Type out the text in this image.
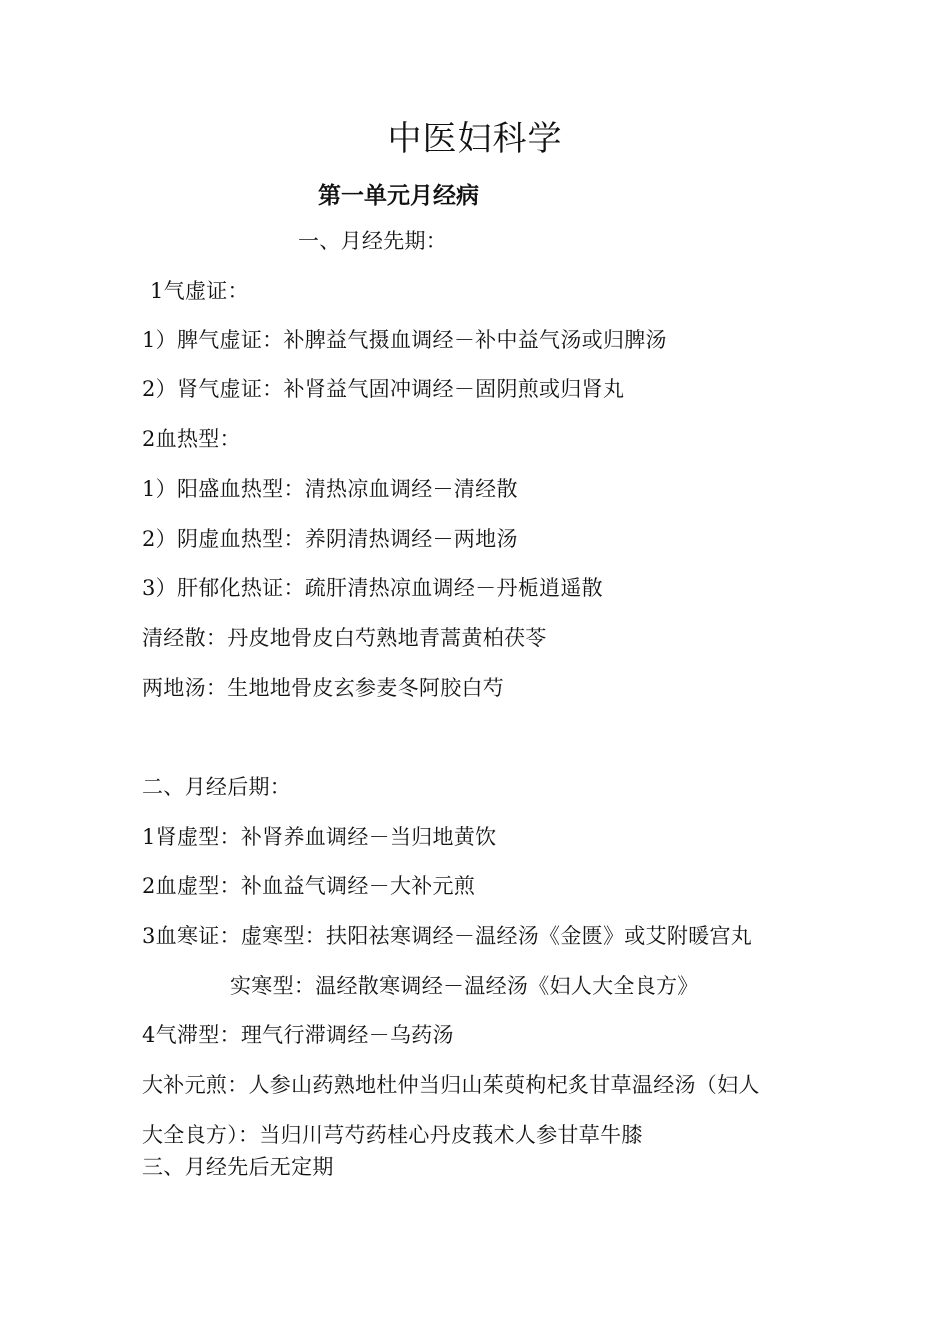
中医妇科学
第一单元月经病
一、月经先期：
1气虚证：
1）脾气虚证：补脾益气摄血调经－补中益气汤或归脾汤
2）肾气虚证：补肾益气固冲调经－固阴煎或归肾丸
2血热型：
1）阳盛血热型：清热凉血调经－清经散
2）阴虚血热型：养阴清热调经－两地汤
3）肝郁化热证：疏肝清热凉血调经－丹栀逍遥散
清经散：丹皮地骨皮白芍熟地青蒿黄柏茯苓
两地汤：生地地骨皮玄参麦冬阿胶白芍
二、月经后期：
1肾虚型：补肾养血调经－当归地黄饮
2血虚型：补血益气调经－大补元煎
3血寒证：虚寒型：扶阳祛寒调经－温经汤《金匮》或艾附暖宫丸
实寒型：温经散寒调经－温经汤《妇人大全良方》
4气滞型：理气行滞调经－乌药汤
大补元煎：人参山药熟地杜仲当归山茱萸枸杞炙甘草温经汤（妇人
大全良方）：当归川芎芍药桂心丹皮莪术人参甘草牛膝
三、月经先后无定期
